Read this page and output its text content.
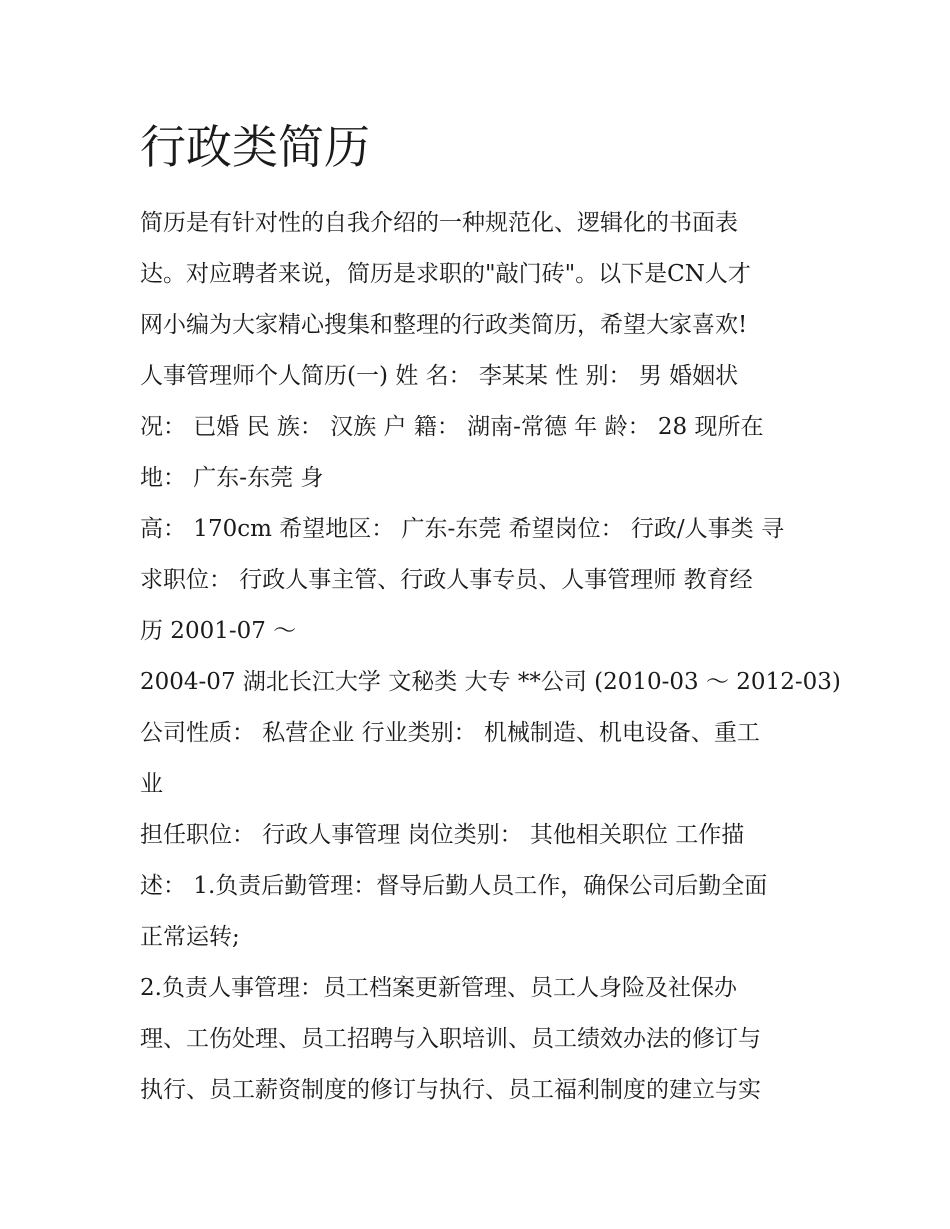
行政类简历
简历是有针对性的自我介绍的一种规范化、逻辑化的书面表
达。对应聘者来说，简历是求职的"敲门砖"。以下是CN人才
网小编为大家精心搜集和整理的行政类简历，希望大家喜欢!
人事管理师个人简历(一) 姓 名： 李某某 性 别： 男 婚姻状
况： 已婚 民 族： 汉族 户 籍： 湖南-常德 年 龄： 28 现所在
地： 广东-东莞 身
高： 170cm 希望地区： 广东-东莞 希望岗位： 行政/人事类 寻
求职位： 行政人事主管、行政人事专员、人事管理师 教育经
历 2001-07 ～
2004-07 湖北长江大学 文秘类 大专 **公司 (2010-03 ～ 2012-03)
公司性质： 私营企业 行业类别： 机械制造、机电设备、重工
业
担任职位： 行政人事管理 岗位类别： 其他相关职位 工作描
述： 1.负责后勤管理：督导后勤人员工作，确保公司后勤全面
正常运转;
2.负责人事管理：员工档案更新管理、员工人身险及社保办
理、工伤处理、员工招聘与入职培训、员工绩效办法的修订与
执行、员工薪资制度的修订与执行、员工福利制度的建立与实
